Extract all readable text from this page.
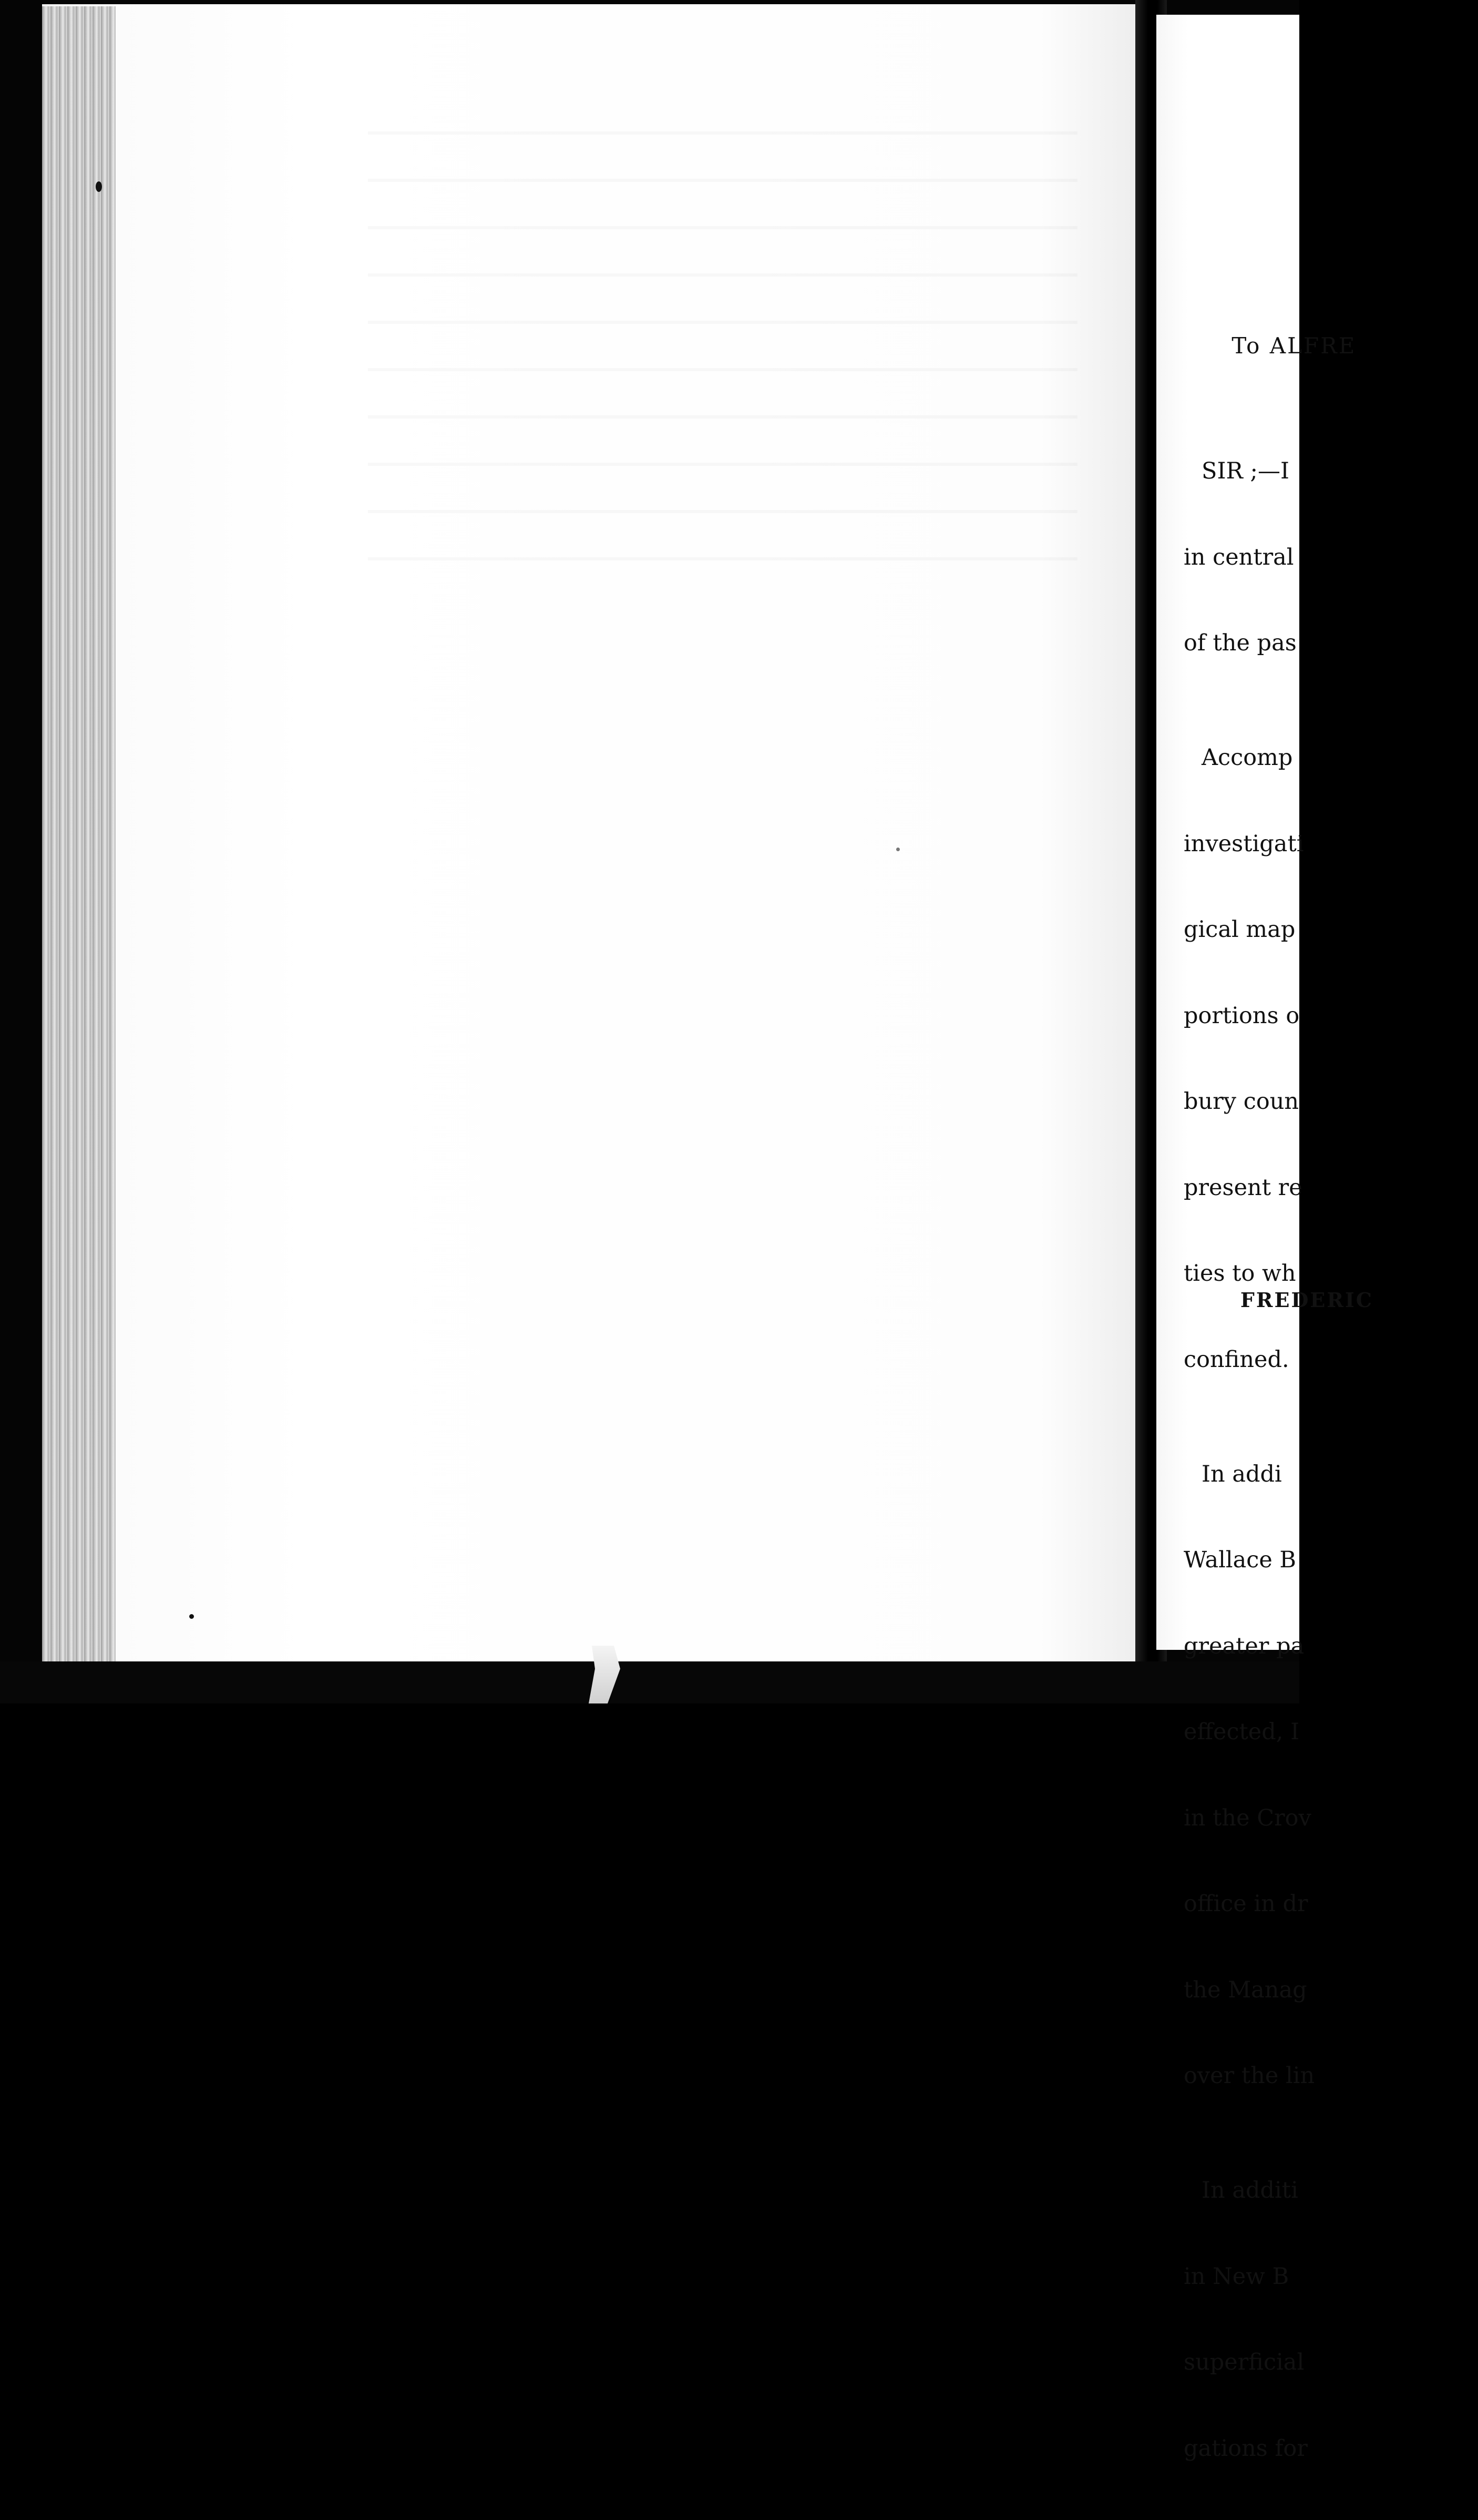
To ALFRE

SIR ;—I

in central

of the pas

Accomp

investigati

gical map

portions o

bury coun

present re

ties to wh

confined.

In addi

Wallace B

greater pa

effected, I

in the Crov

office in dr

the Manag

over the lin

In additi

in New B

superficial

gations for

FREDERIC
